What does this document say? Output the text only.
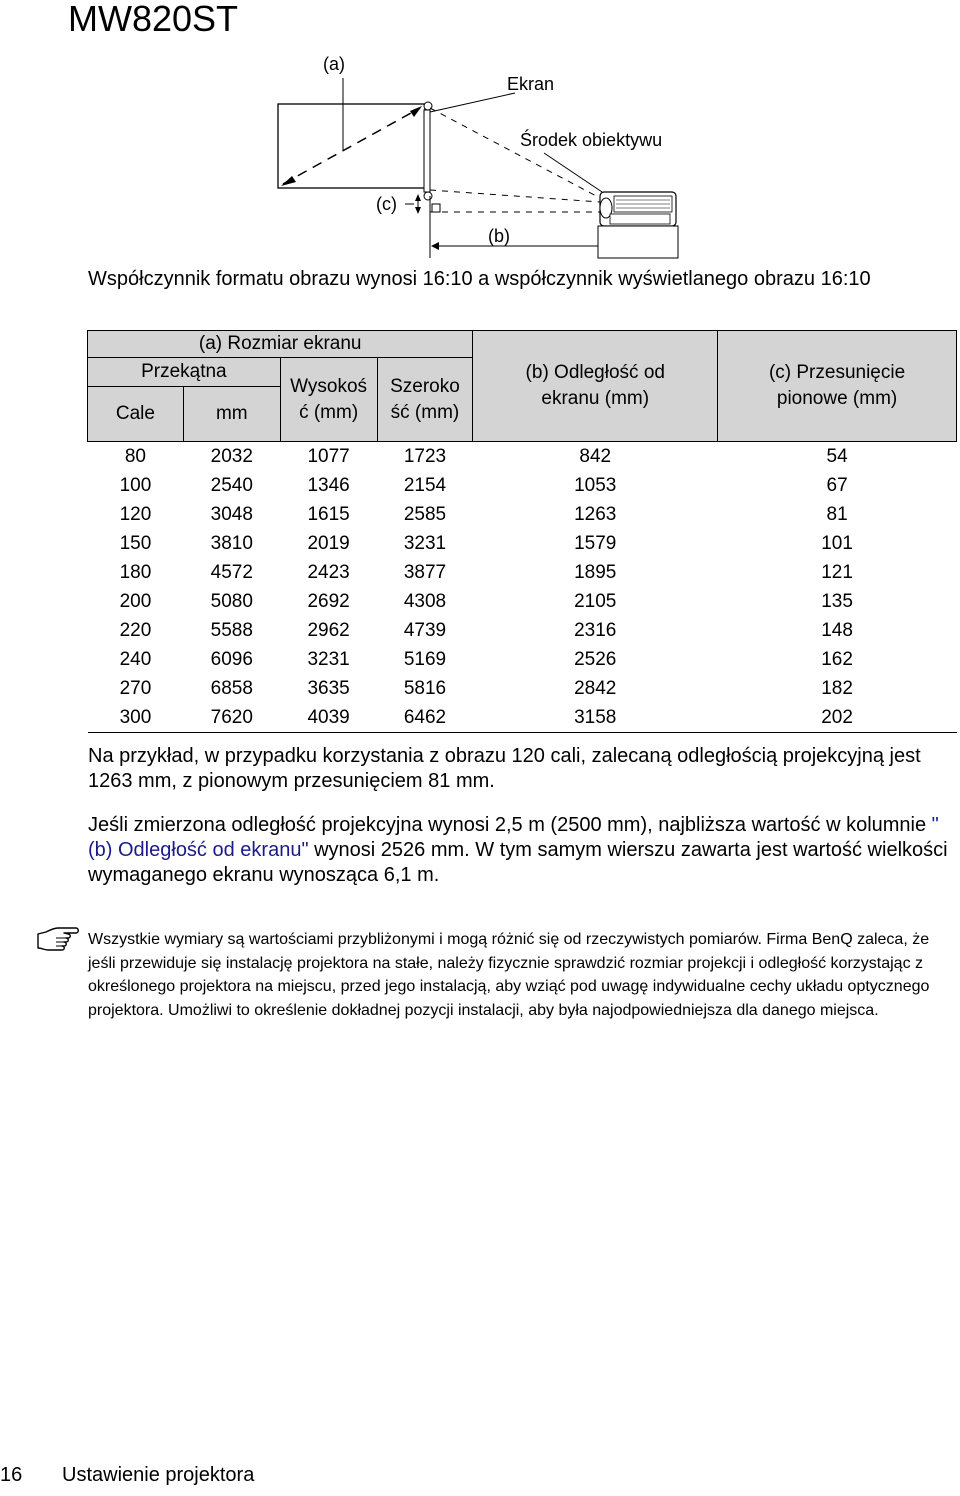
MW820ST
(a)
Ekran
Środek obiektywu
(c)
(b)
Współczynnik formatu obrazu wynosi 16:10 a współczynnik wyświetlanego obrazu 16:10
(a) Rozmiar ekranu				(b) Odległość od ekranu (mm)	(c) Przesunięcie pionowe (mm)
Przekątna		Wysokość (mm)	Szerokość (mm)		
Cale	mm				
80	2032	1077	1723	842	54
100	2540	1346	2154	1053	67
120	3048	1615	2585	1263	81
150	3810	2019	3231	1579	101
180	4572	2423	3877	1895	121
200	5080	2692	4308	2105	135
220	5588	2962	4739	2316	148
240	6096	3231	5169	2526	162
270	6858	3635	5816	2842	182
300	7620	4039	6462	3158	202
Na przykład, w przypadku korzystania z obrazu 120 cali, zalecaną odległością projekcyjną jest 1263 mm, z pionowym przesunięciem 81 mm.
Jeśli zmierzona odległość projekcyjna wynosi 2,5 m (2500 mm), najbliższa wartość w kolumnie "(b) Odległość od ekranu" wynosi 2526 mm. W tym samym wierszu zawarta jest wartość wielkości wymaganego ekranu wynosząca 6,1 m.
Wszystkie wymiary są wartościami przybliżonymi i mogą różnić się od rzeczywistych pomiarów. Firma BenQ zaleca, że jeśli przewiduje się instalację projektora na stałe, należy fizycznie sprawdzić rozmiar projekcji i odległość korzystając z określonego projektora na miejscu, przed jego instalacją, aby wziąć pod uwagę indywidualne cechy układu optycznego projektora. Umożliwi to określenie dokładnej pozycji instalacji, aby była najodpowiedniejsza dla danego miejsca.
16 Ustawienie projektora
